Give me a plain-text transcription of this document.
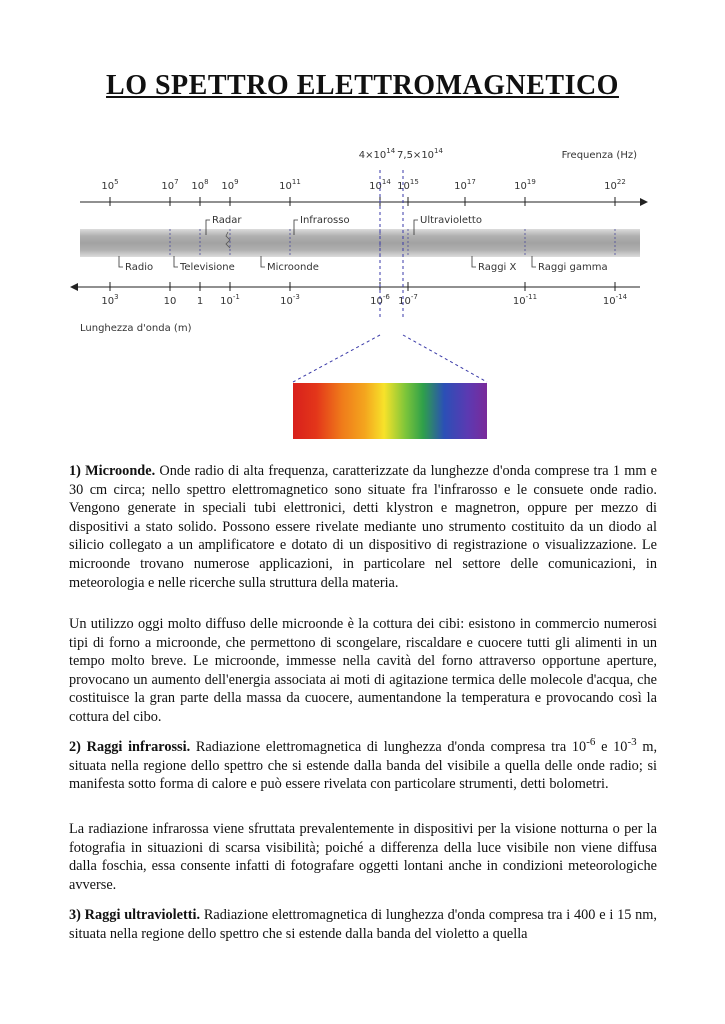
LO SPETTRO ELETTROMAGNETICO
$4\times 10^{14}$ $7,5\times 10^{14}$	Frequenza (Hz)
$10^5$	$10^7$ $10^8$ $10^9$	$10^{11}$	$10^{14}$ $10^{15}$	$10^{17}$	$10^{19}$	$10^{22}$
Radar	Infrarosso	Ultravioletto
Radio	Televisione	Microonde	Raggi X Raggi gamma
$10^3$	10 1 $10^{-1}$	$10^{-3}$	$10^{-6}$ $10^{-7}$	$10^{-11}$	$10^{-14}$
Lunghezza d'onda (m)

1) Microonde. Onde radio di alta frequenza, caratterizzate da lunghezze d'onda comprese tra 1 mm e 30 cm circa; nello spettro elettromagnetico sono situate fra l'infrarosso e le consuete onde radio. Vengono generate in speciali tubi elettronici, detti klystron e magnetron, oppure per mezzo di dispositivi a stato solido. Possono essere rivelate mediante uno strumento costituito da un diodo al silicio collegato a un amplificatore e dotato di un dispositivo di registrazione o visualizzazione. Le microonde trovano numerose applicazioni, in particolare nel settore delle comunicazioni, in meteorologia e nelle ricerche sulla struttura della materia.

Un utilizzo oggi molto diffuso delle microonde è la cottura dei cibi: esistono in commercio numerosi tipi di forno a microonde, che permettono di scongelare, riscaldare e cuocere tutti gli alimenti in un tempo molto breve. Le microonde, immesse nella cavità del forno attraverso opportune aperture, provocano un aumento dell'energia associata ai moti di agitazione termica delle molecole d'acqua, che costituisce la gran parte della massa da cuocere, aumentandone la temperatura e provocando così la cottura del cibo.

2) Raggi infrarossi. Radiazione elettromagnetica di lunghezza d'onda compresa tra $10^{-6}$ e $10^{-3}$ m, situata nella regione dello spettro che si estende dalla banda del visibile a quella delle onde radio; si manifesta sotto forma di calore e può essere rivelata con particolare strumenti, detti bolometri.

La radiazione infrarossa viene sfruttata prevalentemente in dispositivi per la visione notturna o per la fotografia in situazioni di scarsa visibilità; poiché a differenza della luce visibile non viene diffusa dalla foschia, essa consente infatti di fotografare oggetti lontani anche in condizioni meteorologiche avverse.

3) Raggi ultravioletti. Radiazione elettromagnetica di lunghezza d'onda compresa tra i 400 e i 15 nm, situata nella regione dello spettro che si estende dalla banda del violetto a quella
